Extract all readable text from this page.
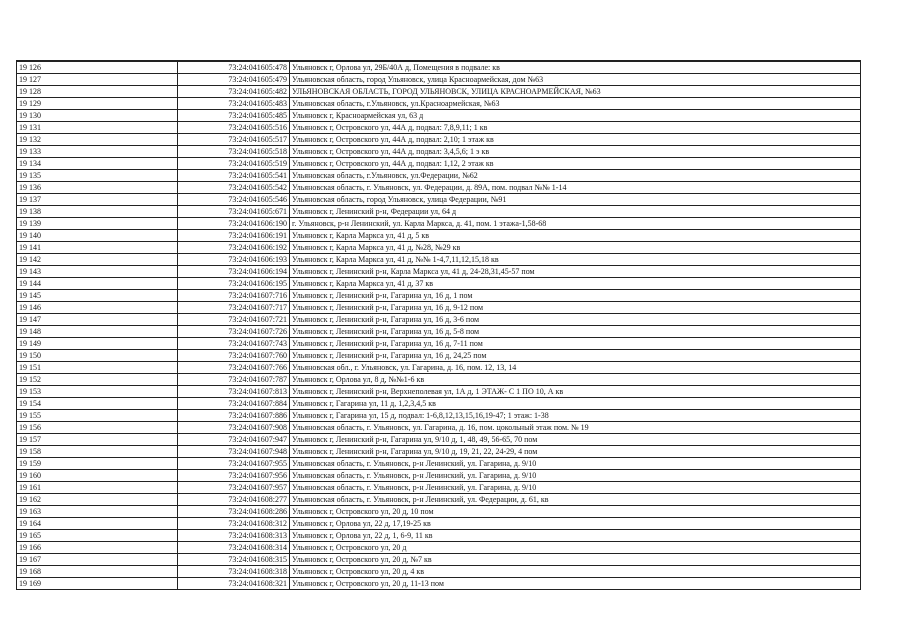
19 126	73:24:041605:478	Ульяновск г, Орлова ул, 29Б/40А д, Помещения в подвале: кв
19 127	73:24:041605:479	Ульяновская область, город Ульяновск, улица Красноармейская, дом №63
19 128	73:24:041605:482	УЛЬЯНОВСКАЯ ОБЛАСТЬ, ГОРОД УЛЬЯНОВСК, УЛИЦА КРАСНОАРМЕЙСКАЯ, №63
19 129	73:24:041605:483	Ульяновская область, г.Ульяновск, ул.Красноармейская, №63
19 130	73:24:041605:485	Ульяновск г, Красноармейская ул, 63 д
19 131	73:24:041605:516	Ульяновск г, Островского ул, 44А д, подвал: 7,8,9,11; 1 кв
19 132	73:24:041605:517	Ульяновск г, Островского ул, 44А д, подвал: 2,10; 1 этаж кв
19 133	73:24:041605:518	Ульяновск г, Островского ул, 44А д, подвал: 3,4,5,6; 1 э кв
19 134	73:24:041605:519	Ульяновск г, Островского ул, 44А д, подвал: 1,12, 2 этаж кв
19 135	73:24:041605:541	Ульяновская область, г.Ульяновск, ул.Федерации, №62
19 136	73:24:041605:542	Ульяновская область, г. Ульяновск, ул. Федерации, д. 89А, пом. подвал №№ 1-14
19 137	73:24:041605:546	Ульяновская область, город Ульяновск, улица Федерации, №91
19 138	73:24:041605:671	Ульяновск г, Ленинский р-н, Федерации ул, 64 д
19 139	73:24:041606:190	г. Ульяновск, р-н Ленинский, ул. Карла Маркса, д. 41, пом. 1 этажа-1,58-68
19 140	73:24:041606:191	Ульяновск г, Карла Маркса ул, 41 д, 5 кв
19 141	73:24:041606:192	Ульяновск г, Карла Маркса ул, 41 д, №28, №29 кв
19 142	73:24:041606:193	Ульяновск г, Карла Маркса ул, 41 д, №№ 1-4,7,11,12,15,18 кв
19 143	73:24:041606:194	Ульяновск г, Ленинский р-н, Карла Маркса ул, 41 д, 24-28,31,45-57 пом
19 144	73:24:041606:195	Ульяновск г, Карла Маркса ул, 41 д, 37 кв
19 145	73:24:041607:716	Ульяновск г, Ленинский р-н, Гагарина ул, 16 д, 1 пом
19 146	73:24:041607:717	Ульяновск г, Ленинский р-н, Гагарина ул, 16 д, 9-12 пом
19 147	73:24:041607:721	Ульяновск г, Ленинский р-н, Гагарина ул, 16 д, 3-6 пом
19 148	73:24:041607:726	Ульяновск г, Ленинский р-н, Гагарина ул, 16 д, 5-8 пом
19 149	73:24:041607:743	Ульяновск г, Ленинский р-н, Гагарина ул, 16 д, 7-11 пом
19 150	73:24:041607:760	Ульяновск г, Ленинский р-н, Гагарина ул, 16 д, 24,25 пом
19 151	73:24:041607:766	Ульяновская обл., г. Ульяновск, ул. Гагарина, д. 16, пом. 12, 13, 14
19 152	73:24:041607:787	Ульяновск г, Орлова ул, 8 д, №№1-6 кв
19 153	73:24:041607:813	Ульяновск г, Ленинский р-н, Верхнеполевая ул, 1А д, 1 ЭТАЖ- С 1 ПО 10, А кв
19 154	73:24:041607:884	Ульяновск г, Гагарина ул, 11 д, 1,2,3,4,5 кв
19 155	73:24:041607:886	Ульяновск г, Гагарина ул, 15 д, подвал: 1-6,8,12,13,15,16,19-47; 1 этаж: 1-38
19 156	73:24:041607:908	Ульяновская область, г. Ульяновск, ул. Гагарина, д. 16, пом. цокольный этаж пом. № 19
19 157	73:24:041607:947	Ульяновск г, Ленинский р-н, Гагарина ул, 9/10 д, 1, 48, 49, 56-65, 70 пом
19 158	73:24:041607:948	Ульяновск г, Ленинский р-н, Гагарина ул, 9/10 д, 19, 21, 22, 24-29, 4 пом
19 159	73:24:041607:955	Ульяновская область, г. Ульяновск, р-н Ленинский, ул. Гагарина, д. 9/10
19 160	73:24:041607:956	Ульяновская область, г. Ульяновск, р-н Ленинский, ул. Гагарина, д. 9/10
19 161	73:24:041607:957	Ульяновская область, г. Ульяновск, р-н Ленинский, ул. Гагарина, д. 9/10
19 162	73:24:041608:277	Ульяновская область, г. Ульяновск, р-н Ленинский, ул. Федерации, д. 61, кв
19 163	73:24:041608:286	Ульяновск г, Островского ул, 20 д, 10 пом
19 164	73:24:041608:312	Ульяновск г, Орлова ул, 22 д, 17,19-25 кв
19 165	73:24:041608:313	Ульяновск г, Орлова ул, 22 д, 1, 6-9, 11 кв
19 166	73:24:041608:314	Ульяновск г, Островского ул, 20 д
19 167	73:24:041608:315	Ульяновск г, Островского ул, 20 д, №7 кв
19 168	73:24:041608:318	Ульяновск г, Островского ул, 20 д, 4 кв
19 169	73:24:041608:321	Ульяновск г, Островского ул, 20 д, 11-13 пом
